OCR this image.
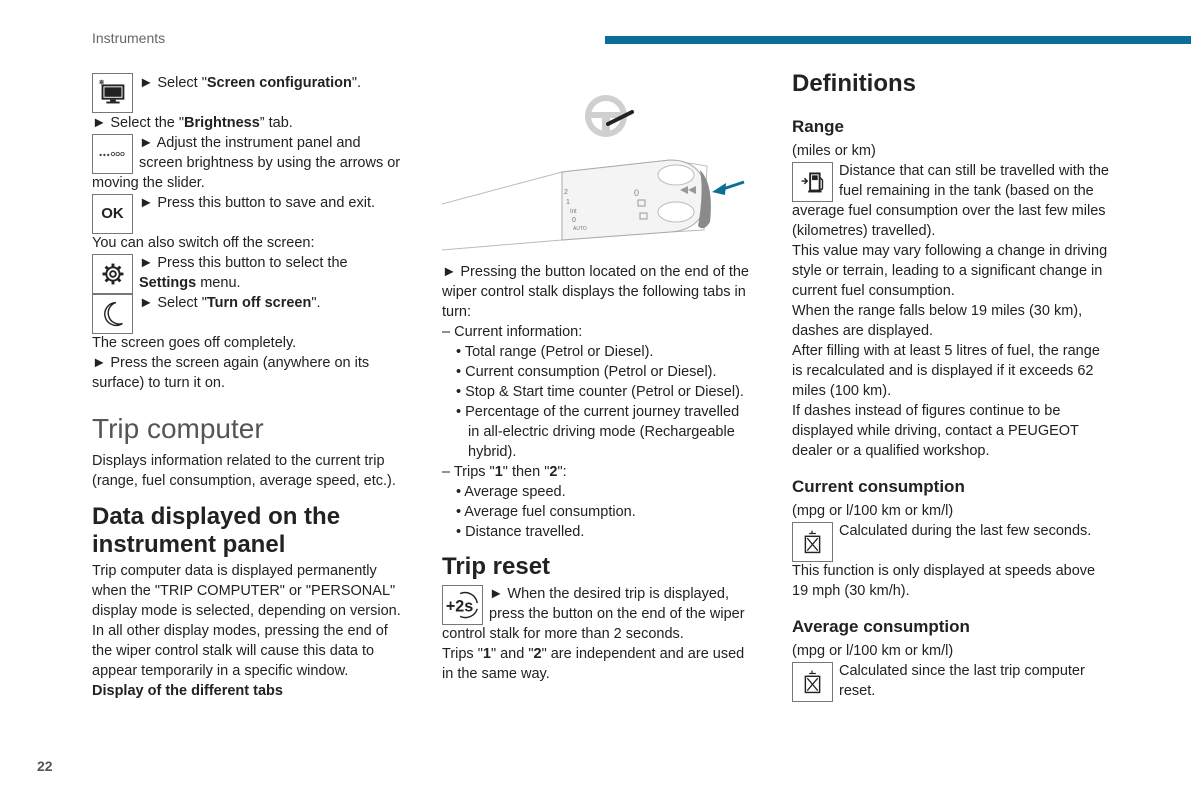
Instruments
22
► Select "Screen configuration".
► Select the "Brightness” tab.
► Adjust the instrument panel and
screen brightness by using the arrows or
moving the slider.
OK
► Press this button to save and exit.
You can also switch off the screen:
► Press this button to select the
Settings menu.
► Select "Turn off screen".
The screen goes off completely.
► Press the screen again (anywhere on its
surface) to turn it on.
Trip computer
Displays information related to the current trip
(range, fuel consumption, average speed, etc.).
Data displayed on the
instrument panel
Trip computer data is displayed permanently
when the "TRIP COMPUTER" or "PERSONAL"
display mode is selected, depending on version.
In all other display modes, pressing the end of
the wiper control stalk will cause this data to
appear temporarily in a specific window.
Display of the different tabs
2
1
Int
0
AUTO
0
► Pressing the button located on the end of the
wiper control stalk displays the following tabs in
turn:
– Current information:
• Total range (Petrol or Diesel).
• Current consumption (Petrol or Diesel).
• Stop & Start time counter (Petrol or Diesel).
• Percentage of the current journey travelled
in all-electric driving mode (Rechargeable
hybrid).
– Trips "1" then "2":
• Average speed.
• Average fuel consumption.
• Distance travelled.
Trip reset
+2s
► When the desired trip is displayed,
press the button on the end of the wiper
control stalk for more than 2 seconds.
Trips "1" and "2" are independent and are used
in the same way.
Definitions
Range
(miles or km)
Distance that can still be travelled with the
fuel remaining in the tank (based on the
average fuel consumption over the last few miles
(kilometres) travelled).
This value may vary following a change in driving
style or terrain, leading to a significant change in
current fuel consumption.
When the range falls below 19 miles (30 km),
dashes are displayed.
After filling with at least 5 litres of fuel, the range
is recalculated and is displayed if it exceeds 62
miles (100 km).
If dashes instead of figures continue to be
displayed while driving, contact a PEUGEOT
dealer or a qualified workshop.
Current consumption
(mpg or l/100 km or km/l)
Calculated during the last few seconds.
This function is only displayed at speeds above
19 mph (30 km/h).
Average consumption
(mpg or l/100 km or km/l)
Calculated since the last trip computer
reset.
